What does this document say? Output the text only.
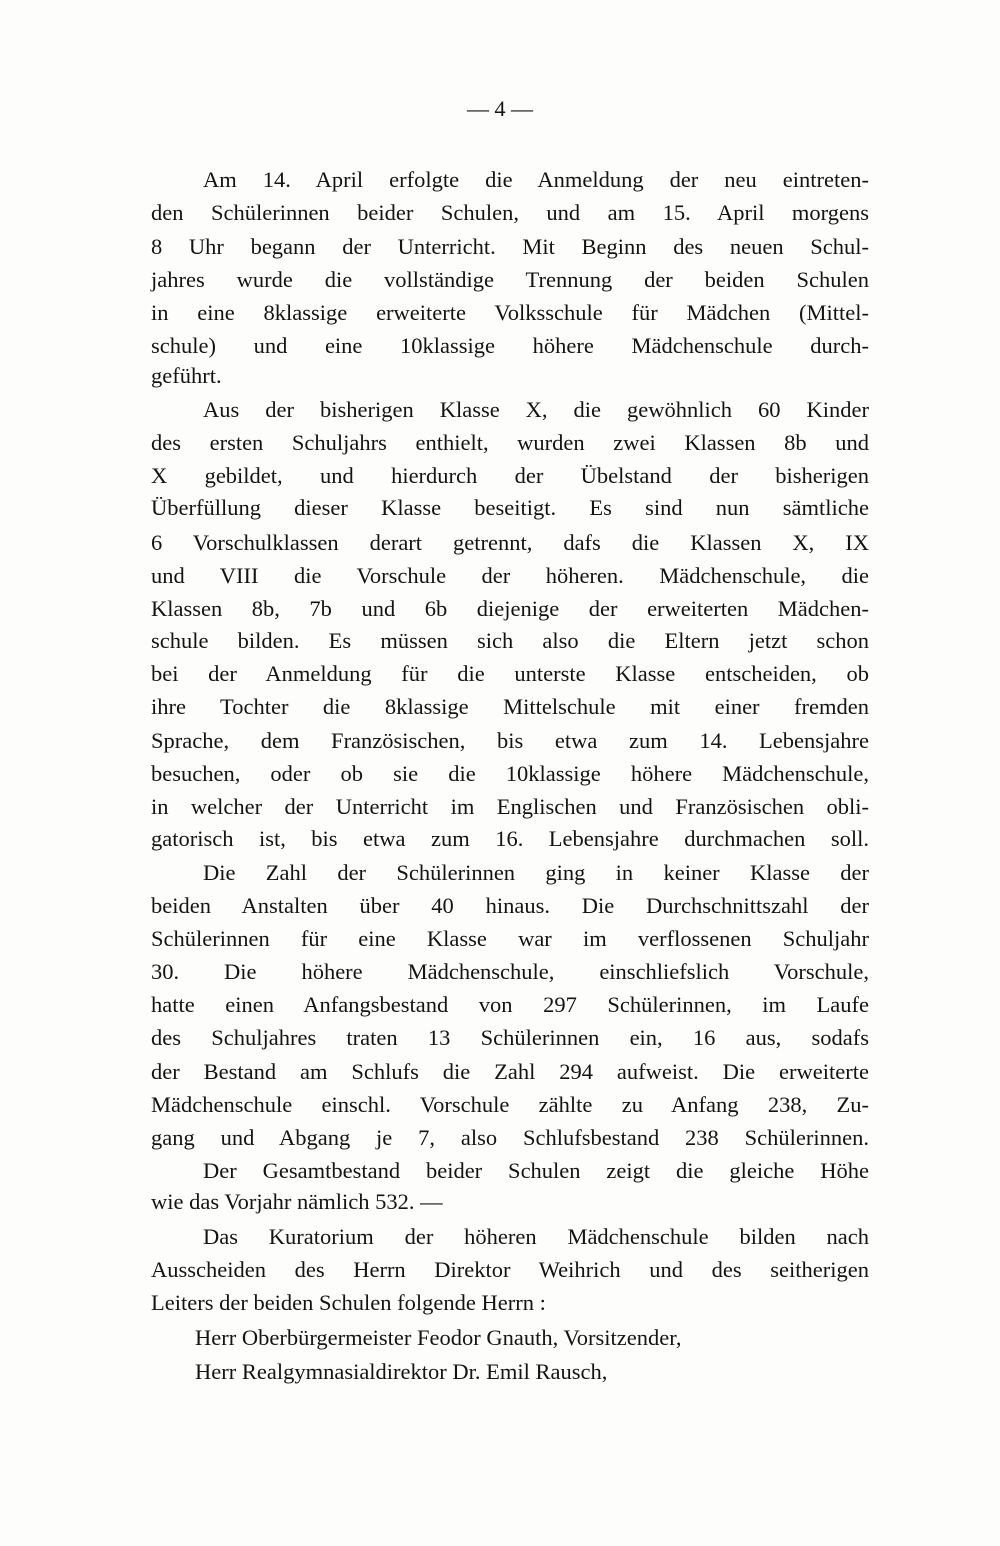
— 4 —
Am 14. April erfolgte die Anmeldung der neu eintreten-
den Schülerinnen beider Schulen, und am 15. April morgens
8 Uhr begann der Unterricht. Mit Beginn des neuen Schul-
jahres wurde die vollständige Trennung der beiden Schulen
in eine 8klassige erweiterte Volksschule für Mädchen (Mittel-
schule) und eine 10klassige höhere Mädchenschule durch-
geführt.
Aus der bisherigen Klasse X, die gewöhnlich 60 Kinder
des ersten Schuljahrs enthielt, wurden zwei Klassen 8b und
X gebildet, und hierdurch der Übelstand der bisherigen
Überfüllung dieser Klasse beseitigt. Es sind nun sämtliche
6 Vorschulklassen derart getrennt, dafs die Klassen X, IX
und VIII die Vorschule der höheren. Mädchenschule, die
Klassen 8b, 7b und 6b diejenige der erweiterten Mädchen-
schule bilden. Es müssen sich also die Eltern jetzt schon
bei der Anmeldung für die unterste Klasse entscheiden, ob
ihre Tochter die 8klassige Mittelschule mit einer fremden
Sprache, dem Französischen, bis etwa zum 14. Lebensjahre
besuchen, oder ob sie die 10klassige höhere Mädchenschule,
in welcher der Unterricht im Englischen und Französischen obli-
gatorisch ist, bis etwa zum 16. Lebensjahre durchmachen soll.
Die Zahl der Schülerinnen ging in keiner Klasse der
beiden Anstalten über 40 hinaus. Die Durchschnittszahl der
Schülerinnen für eine Klasse war im verflossenen Schuljahr
30. Die höhere Mädchenschule, einschliefslich Vorschule,
hatte einen Anfangsbestand von 297 Schülerinnen, im Laufe
des Schuljahres traten 13 Schülerinnen ein, 16 aus, sodafs
der Bestand am Schlufs die Zahl 294 aufweist. Die erweiterte
Mädchenschule einschl. Vorschule zählte zu Anfang 238, Zu-
gang und Abgang je 7, also Schlufsbestand 238 Schülerinnen.
Der Gesamtbestand beider Schulen zeigt die gleiche Höhe
wie das Vorjahr nämlich 532. —
Das Kuratorium der höheren Mädchenschule bilden nach
Ausscheiden des Herrn Direktor Weihrich und des seitherigen
Leiters der beiden Schulen folgende Herrn :
Herr Oberbürgermeister Feodor Gnauth, Vorsitzender,
Herr Realgymnasialdirektor Dr. Emil Rausch,
